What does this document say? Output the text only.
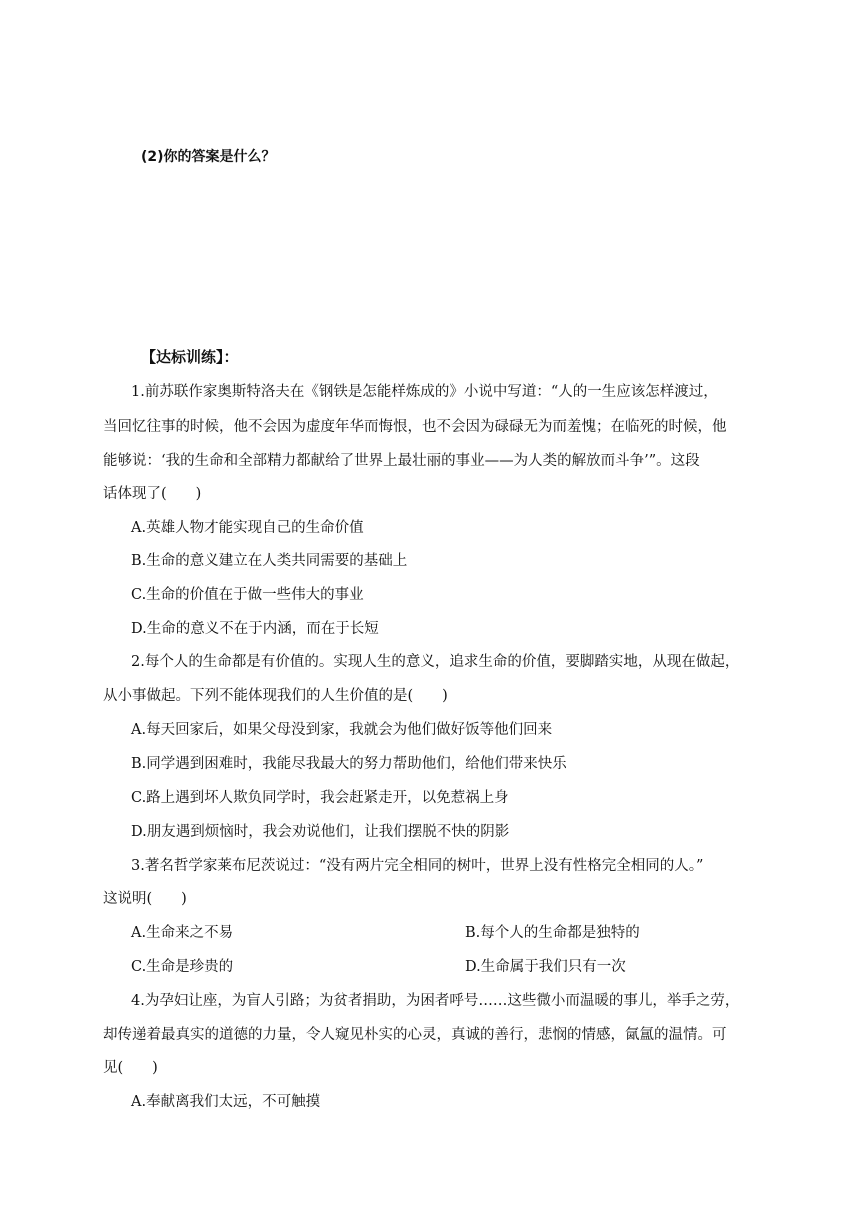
(2)你的答案是什么？
【达标训练】：
1.前苏联作家奥斯特洛夫在《钢铁是怎能样炼成的》小说中写道：“人的一生应该怎样渡过，
当回忆往事的时候，他不会因为虚度年华而悔恨，也不会因为碌碌无为而羞愧；在临死的时候，他
能够说：‘我的生命和全部精力都献给了世界上最壮丽的事业——为人类的解放而斗争’”。这段
话体现了(　　)
A.英雄人物才能实现自己的生命价值
B.生命的意义建立在人类共同需要的基础上
C.生命的价值在于做一些伟大的事业
D.生命的意义不在于内涵，而在于长短
2.每个人的生命都是有价值的。实现人生的意义，追求生命的价值，要脚踏实地，从现在做起，
从小事做起。下列不能体现我们的人生价值的是(　　)
A.每天回家后，如果父母没到家，我就会为他们做好饭等他们回来
B.同学遇到困难时，我能尽我最大的努力帮助他们，给他们带来快乐
C.路上遇到坏人欺负同学时，我会赶紧走开，以免惹祸上身
D.朋友遇到烦恼时，我会劝说他们，让我们摆脱不快的阴影
3.著名哲学家莱布尼茨说过：“没有两片完全相同的树叶，世界上没有性格完全相同的人。”
这说明(　　)
A.生命来之不易	B.每个人的生命都是独特的
C.生命是珍贵的	D.生命属于我们只有一次
4.为孕妇让座，为盲人引路；为贫者捐助，为困者呼号……这些微小而温暖的事儿，举手之劳，
却传递着最真实的道德的力量，令人窥见朴实的心灵，真诚的善行，悲悯的情感，氤氲的温情。可
见(　　)
A.奉献离我们太远，不可触摸
